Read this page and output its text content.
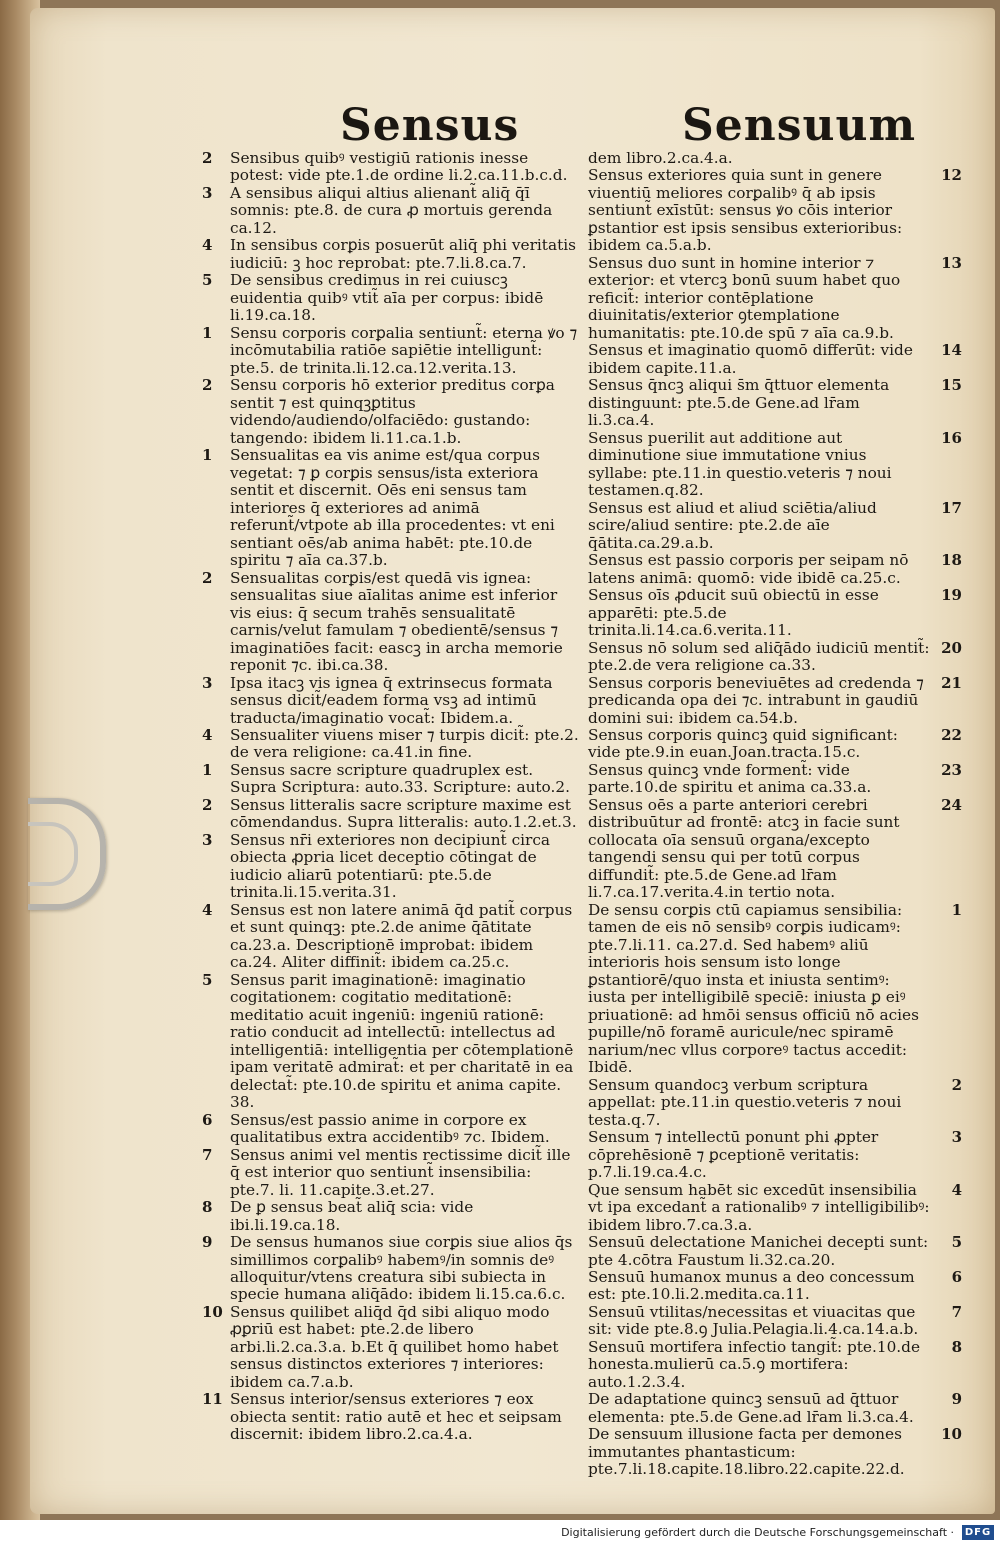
Sensus	Sensuum
2 Sensibus quibꝰ vestigiū rationis inesse potest: vide pte.1.de ordine li.2.ca.11.b.c.d.
3 A sensibus aliqui altius alienant̃ aliq̄ q̄ī somnis: pte.8. de cura ꝓ mortuis gerenda ca.12.
4 In sensibus corꝑis posuerūt aliq̄ phi veritatis iudiciū: ꝫ hoc reprobat: pte.7.li.8.ca.7.
5 De sensibus credimus in rei cuiuscꝫ euidentia quibꝰ vtit̃ aīa per corpus: ibidē li.19.ca.18.
1 Sensu corporis corꝑalia sentiunt̃: eterna ꝟo ⁊ incōmutabilia ratiōe sapiētie intelligunt̃: pte.5. de trinita.li.12.ca.12.verita.13.
2 Sensu corporis hō exterior preditus corꝑa sentit ⁊ est quinqꝫꝑtitus videndo/audiendo/olfaciēdo: gustando: tangendo: ibidem li.11.ca.1.b.
1 Sensualitas ea vis anime est/qua corpus vegetat: ⁊ ꝑ corꝑis sensus/ista exteriora sentit et discernit. Oēs eni sensus tam interiores q̄ exteriores ad animā referunt̃/vtpote ab illa procedentes: vt eni sentiant oēs/ab anima habēt: pte.10.de spiritu ⁊ aīa ca.37.b.
2 Sensualitas corꝑis/est quedā vis ignea: sensualitas siue aīalitas anime est inferior vis eius: q̄ secum trahēs sensualitatē carnis/velut famulam ⁊ obedientē/sensus ⁊ imaginatiōes facit: eascꝫ in archa memorie reponit ⁊c. ibi.ca.38.
3 Ipsa itacꝫ vis ignea q̄ extrinsecus formata sensus dicit̃/eadem forma vsꝫ ad intimū traducta/imaginatio vocat̃: Ibidem.a.
4 Sensualiter viuens miser ⁊ turpis dicit̃: pte.2. de vera religione: ca.41.in fine.
1 Sensus sacre scripture quadruplex est. Supra Scriptura: auto.33. Scripture: auto.2.
2 Sensus litteralis sacre scripture maxime est cōmendandus. Supra litteralis: auto.1.2.et.3.
3 Sensus nr̄i exteriores non decipiunt̃ circa obiecta ꝓpria licet deceptio cōtingat de iudicio aliarū potentiarū: pte.5.de trinita.li.15.verita.31.
4 Sensus est non latere animā q̄d patit̃ corpus et sunt quinqꝫ: pte.2.de anime q̄ātitate ca.23.a. Descriptionē improbat: ibidem ca.24. Aliter diffinit̃: ibidem ca.25.c.
5 Sensus parit imaginationē: imaginatio cogitationem: cogitatio meditationē: meditatio acuit ingeniū: ingeniū rationē: ratio conducit ad intellectū: intellectus ad intelligentiā: intelligentia per cōtemplationē ipam veritatē admirat̃: et per charitatē in ea delectat̃: pte.10.de spiritu et anima capite. 38.
6 Sensus/est passio anime in corpore ex qualitatibus extra accidentibꝰ ⁊c. Ibidem.
7 Sensus animi vel mentis rectissime dicit̃ ille q̄ est interior quo sentiunt̃ insensibilia: pte.7. li. 11.capite.3.et.27.
8 De ꝑ sensus beat̃ aliq̄ scia: vide ibi.li.19.ca.18.
9 De sensus humanos siue corꝑis siue alios q̄s simillimos corꝑalibꝰ habemꝰ/in somnis deꝰ alloquitur/vtens creatura sibi subiecta in specie humana aliq̄ādo: ibidem li.15.ca.6.c.
10 Sensus quilibet aliq̄d q̄d sibi aliquo modo ꝓꝑriū est habet: pte.2.de libero arbi.li.2.ca.3.a. b.Et q̄ quilibet homo habet sensus distinctos exteriores ⁊ interiores: ibidem ca.7.a.b.
11 Sensus interior/sensus exteriores ⁊ eox obiecta sentit: ratio autē et hec et seipsam discernit: ibidem libro.2.ca.4.a.
dem libro.2.ca.4.a.
12
Sensus exteriores quia sunt in genere viuentiū meliores corꝑalibꝰ q̄ ab ipsis sentiunt̃ exīstūt: sensus ꝟo cōis interior ꝑstantior est ipsis sensibus exterioribus: ibidem ca.5.a.b.
13
Sensus duo sunt in homine interior ⁊ exterior: et vtercꝫ bonū suum habet quo reficit̃: interior contēplatione diuinitatis/exterior ꝯtemplatione humanitatis: pte.10.de spū ⁊ aīa ca.9.b.
14
Sensus et imaginatio quomō differūt: vide ibidem capite.11.a.
15
Sensus q̄ncꝫ aliqui s̄m q̄ttuor elementa distinguunt: pte.5.de Gene.ad lr̄am li.3.ca.4.
16
Sensus puerilit aut additione aut diminutione siue immutatione vnius syllabe: pte.11.in questio.veteris ⁊ noui testamen.q.82.
17
Sensus est aliud et aliud sciētia/aliud scire/aliud sentire: pte.2.de aīe q̄ātita.ca.29.a.b.
18
Sensus est passio corporis per seipam nō latens animā: quomō: vide ibidē ca.25.c.
19
Sensus oīs ꝓducit suū obiectū in esse apparēti: pte.5.de trinita.li.14.ca.6.verita.11.
20
Sensus nō solum sed aliq̄ādo iudiciū mentit̃: pte.2.de vera religione ca.33.
21
Sensus corporis beneviuētes ad credenda ⁊ predicanda opa dei ⁊c. intrabunt in gaudiū domini sui: ibidem ca.54.b.
22
Sensus corporis quincꝫ quid significant: vide pte.9.in euan.Joan.tracta.15.c.
23
Sensus quincꝫ vnde forment̃: vide parte.10.de spiritu et anima ca.33.a.
24
Sensus oēs a parte anteriori cerebri distribuūtur ad frontē: atcꝫ in facie sunt collocata oīa sensuū organa/excepto tangendi sensu qui per totū corpus diffundit̃: pte.5.de Gene.ad lr̄am li.7.ca.17.verita.4.in tertio nota.
1
De sensu corꝑis ctū capiamus sensibilia: tamen de eis nō sensibꝰ corꝑis iudicamꝰ: pte.7.li.11. ca.27.d. Sed habemꝰ aliū interioris hois sensum isto longe ꝑstantiorē/quo insta et iniusta sentimꝰ: iusta per intelligibilē speciē: iniusta ꝑ eiꝰ priuationē: ad hmōi sensus officiū nō acies pupille/nō foramē auricule/nec spiramē narium/nec vllus corporeꝰ tactus accedit: Ibidē.
2
Sensum quandocꝫ verbum scriptura appellat: pte.11.in questio.veteris ⁊ noui testa.q.7.
3
Sensum ⁊ intellectū ponunt phi ꝓpter cōprehēsionē ⁊ ꝑceptionē veritatis: p.7.li.19.ca.4.c.
4
Que sensum habēt sic excedūt insensibilia vt ipa excedant̃ a rationalibꝰ ⁊ intelligibilibꝰ: ibidem libro.7.ca.3.a.
5
Sensuū delectatione Manichei decepti sunt: pte 4.cōtra Faustum li.32.ca.20.
6
Sensuū humanox munus a deo concessum est: pte.10.li.2.medita.ca.11.
7
Sensuū vtilitas/necessitas et viuacitas que sit: vide pte.8.ꝯ Julia.Pelagia.li.4.ca.14.a.b.
8
Sensuū mortifera infectio tangit̃: pte.10.de honesta.mulierū ca.5.ꝯ mortifera: auto.1.2.3.4.
9
De adaptatione quincꝫ sensuū ad q̄ttuor elementa: pte.5.de Gene.ad lr̄am li.3.ca.4.
10
De sensuum illusione facta per demones immutantes phantasticum: pte.7.li.18.capite.18.libro.22.capite.22.d.
Digitalisierung gefördert durch die Deutsche Forschungsgemeinschaft · DFG
